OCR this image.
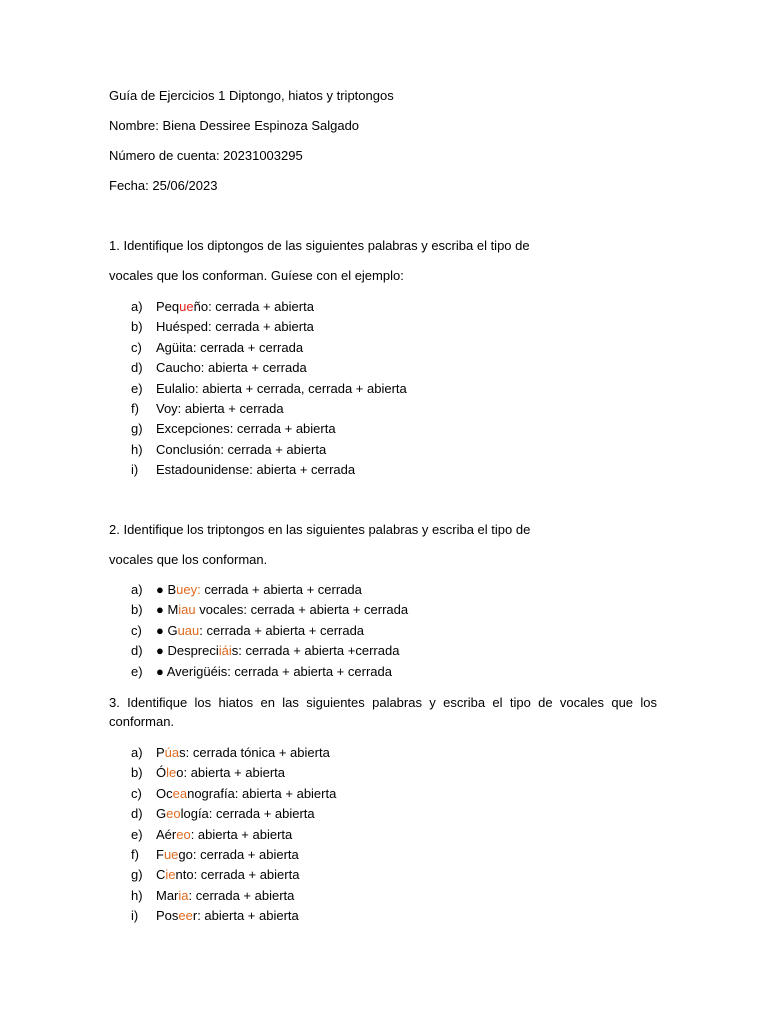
Guía de Ejercicios 1 Diptongo, hiatos y triptongos
Nombre: Biena Dessiree Espinoza Salgado
Número de cuenta: 20231003295
Fecha: 25/06/2023
1. Identifique los diptongos de las siguientes palabras y escriba el tipo de
vocales que los conforman. Guíese con el ejemplo:
a)	Pequeño: cerrada + abierta
b)	Huésped: cerrada + abierta
c)	Agüita: cerrada + cerrada
d)	Caucho: abierta + cerrada
e)	Eulalio: abierta + cerrada, cerrada + abierta
f)	Voy: abierta + cerrada
g)	Excepciones: cerrada + abierta
h)	Conclusión: cerrada + abierta
i)	Estadounidense: abierta + cerrada
2. Identifique los triptongos en las siguientes palabras y escriba el tipo de
vocales que los conforman.
a)	● Buey: cerrada + abierta + cerrada
b)	● Miau vocales: cerrada + abierta + cerrada
c)	● Guau: cerrada + abierta + cerrada
d)	● Despreciiáis: cerrada + abierta +cerrada
e)	● Averigüéis: cerrada + abierta + cerrada
3. Identifique los hiatos en las siguientes palabras y escriba el tipo de vocales que los
conforman.
a)	Púas: cerrada tónica + abierta
b)	Óleo: abierta + abierta
c)	Oceanografía: abierta + abierta
d)	Geología: cerrada + abierta
e)	Aéreo: abierta + abierta
f)	Fuego: cerrada + abierta
g)	Ciento: cerrada + abierta
h)	Maria: cerrada + abierta
i)	Poseer: abierta + abierta
